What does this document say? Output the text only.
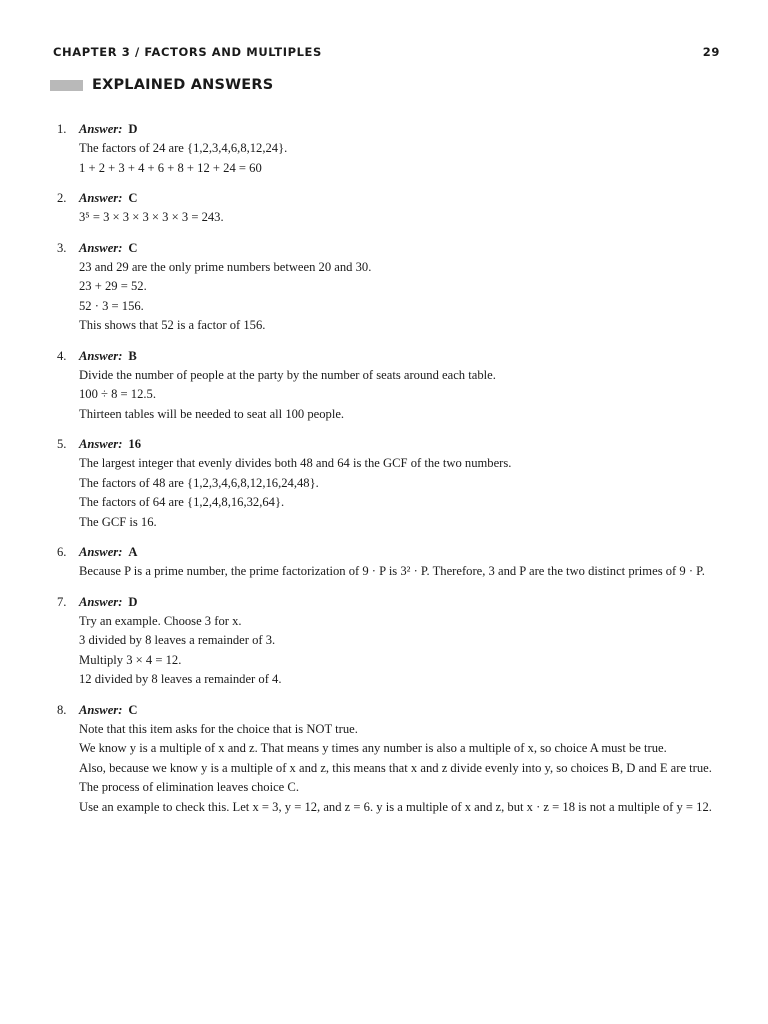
CHAPTER 3 / FACTORS AND MULTIPLES	29
EXPLAINED ANSWERS
1. Answer: D
The factors of 24 are {1,2,3,4,6,8,12,24}.
1 + 2 + 3 + 4 + 6 + 8 + 12 + 24 = 60
2. Answer: C
3⁵ = 3 × 3 × 3 × 3 × 3 = 243.
3. Answer: C
23 and 29 are the only prime numbers between 20 and 30.
23 + 29 = 52.
52 · 3 = 156.
This shows that 52 is a factor of 156.
4. Answer: B
Divide the number of people at the party by the number of seats around each table.
100 ÷ 8 = 12.5.
Thirteen tables will be needed to seat all 100 people.
5. Answer: 16
The largest integer that evenly divides both 48 and 64 is the GCF of the two numbers.
The factors of 48 are {1,2,3,4,6,8,12,16,24,48}.
The factors of 64 are {1,2,4,8,16,32,64}.
The GCF is 16.
6. Answer: A
Because P is a prime number, the prime factorization of 9 · P is 3² · P. Therefore, 3 and P are the two distinct primes of 9 · P.
7. Answer: D
Try an example. Choose 3 for x.
3 divided by 8 leaves a remainder of 3.
Multiply 3 × 4 = 12.
12 divided by 8 leaves a remainder of 4.
8. Answer: C
Note that this item asks for the choice that is NOT true.
We know y is a multiple of x and z. That means y times any number is also a multiple of x, so choice A must be true.
Also, because we know y is a multiple of x and z, this means that x and z divide evenly into y, so choices B, D and E are true.
The process of elimination leaves choice C.
Use an example to check this. Let x = 3, y = 12, and z = 6. y is a multiple of x and z, but x · z = 18 is not a multiple of y = 12.
